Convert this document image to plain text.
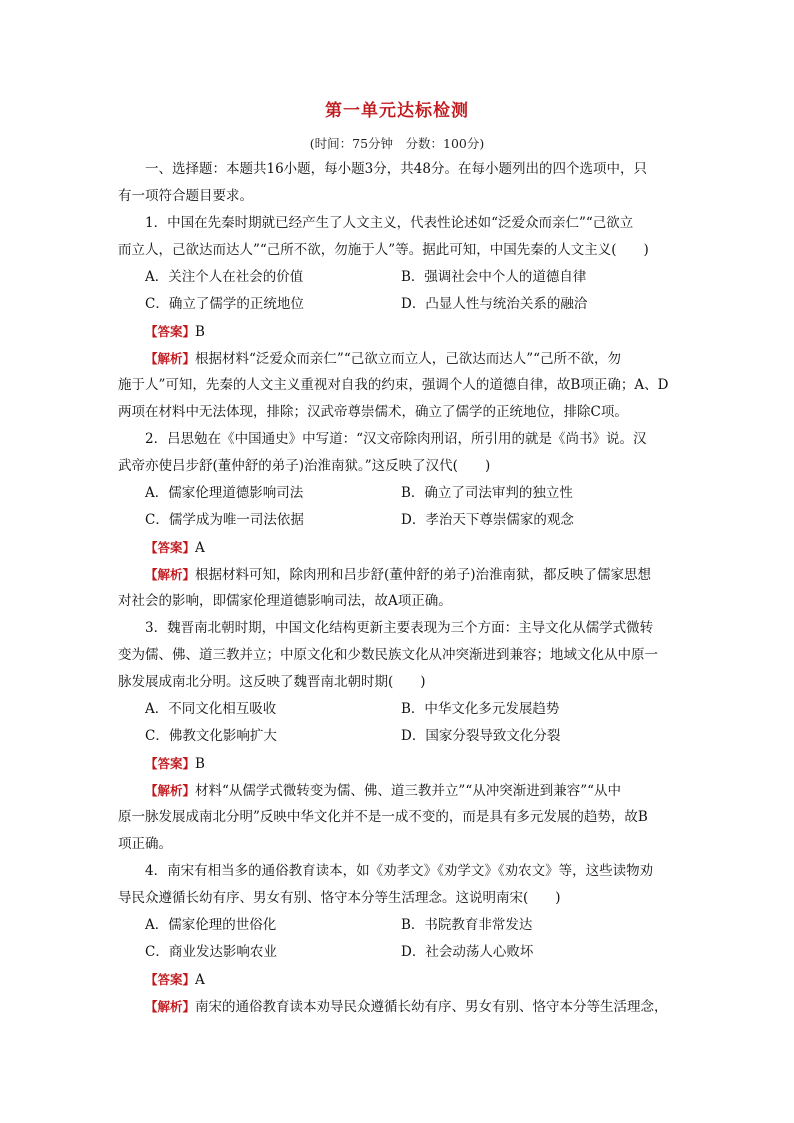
第一单元达标检测
(时间：75分钟　分数：100分)
一、选择题：本题共16小题，每小题3分，共48分。在每小题列出的四个选项中，只
有一项符合题目要求。
1．中国在先秦时期就已经产生了人文主义，代表性论述如“泛爱众而亲仁”“己欲立
而立人，己欲达而达人”“己所不欲，勿施于人”等。据此可知，中国先秦的人文主义(　　)
A．关注个人在社会的价值	B．强调社会中个人的道德自律
C．确立了儒学的正统地位	D．凸显人性与统治关系的融洽
【答案】B
【解析】根据材料“泛爱众而亲仁”“己欲立而立人，己欲达而达人”“己所不欲，勿
施于人”可知，先秦的人文主义重视对自我的约束，强调个人的道德自律，故B项正确；A、D
两项在材料中无法体现，排除；汉武帝尊崇儒术，确立了儒学的正统地位，排除C项。
2．吕思勉在《中国通史》中写道：“汉文帝除肉刑诏，所引用的就是《尚书》说。汉
武帝亦使吕步舒(董仲舒的弟子)治淮南狱。”这反映了汉代(　　)
A．儒家伦理道德影响司法	B．确立了司法审判的独立性
C．儒学成为唯一司法依据	D．孝治天下尊崇儒家的观念
【答案】A
【解析】根据材料可知，除肉刑和吕步舒(董仲舒的弟子)治淮南狱，都反映了儒家思想
对社会的影响，即儒家伦理道德影响司法，故A项正确。
3．魏晋南北朝时期，中国文化结构更新主要表现为三个方面：主导文化从儒学式微转
变为儒、佛、道三教并立；中原文化和少数民族文化从冲突渐进到兼容；地域文化从中原一
脉发展成南北分明。这反映了魏晋南北朝时期(　　)
A．不同文化相互吸收	B．中华文化多元发展趋势
C．佛教文化影响扩大	D．国家分裂导致文化分裂
【答案】B
【解析】材料“从儒学式微转变为儒、佛、道三教并立”“从冲突渐进到兼容”“从中
原一脉发展成南北分明”反映中华文化并不是一成不变的，而是具有多元发展的趋势，故B
项正确。
4．南宋有相当多的通俗教育读本，如《劝孝文》《劝学文》《劝农文》等，这些读物劝
导民众遵循长幼有序、男女有别、恪守本分等生活理念。这说明南宋(　　)
A．儒家伦理的世俗化	B．书院教育非常发达
C．商业发达影响农业	D．社会动荡人心败坏
【答案】A
【解析】南宋的通俗教育读本劝导民众遵循长幼有序、男女有别、恪守本分等生活理念，
